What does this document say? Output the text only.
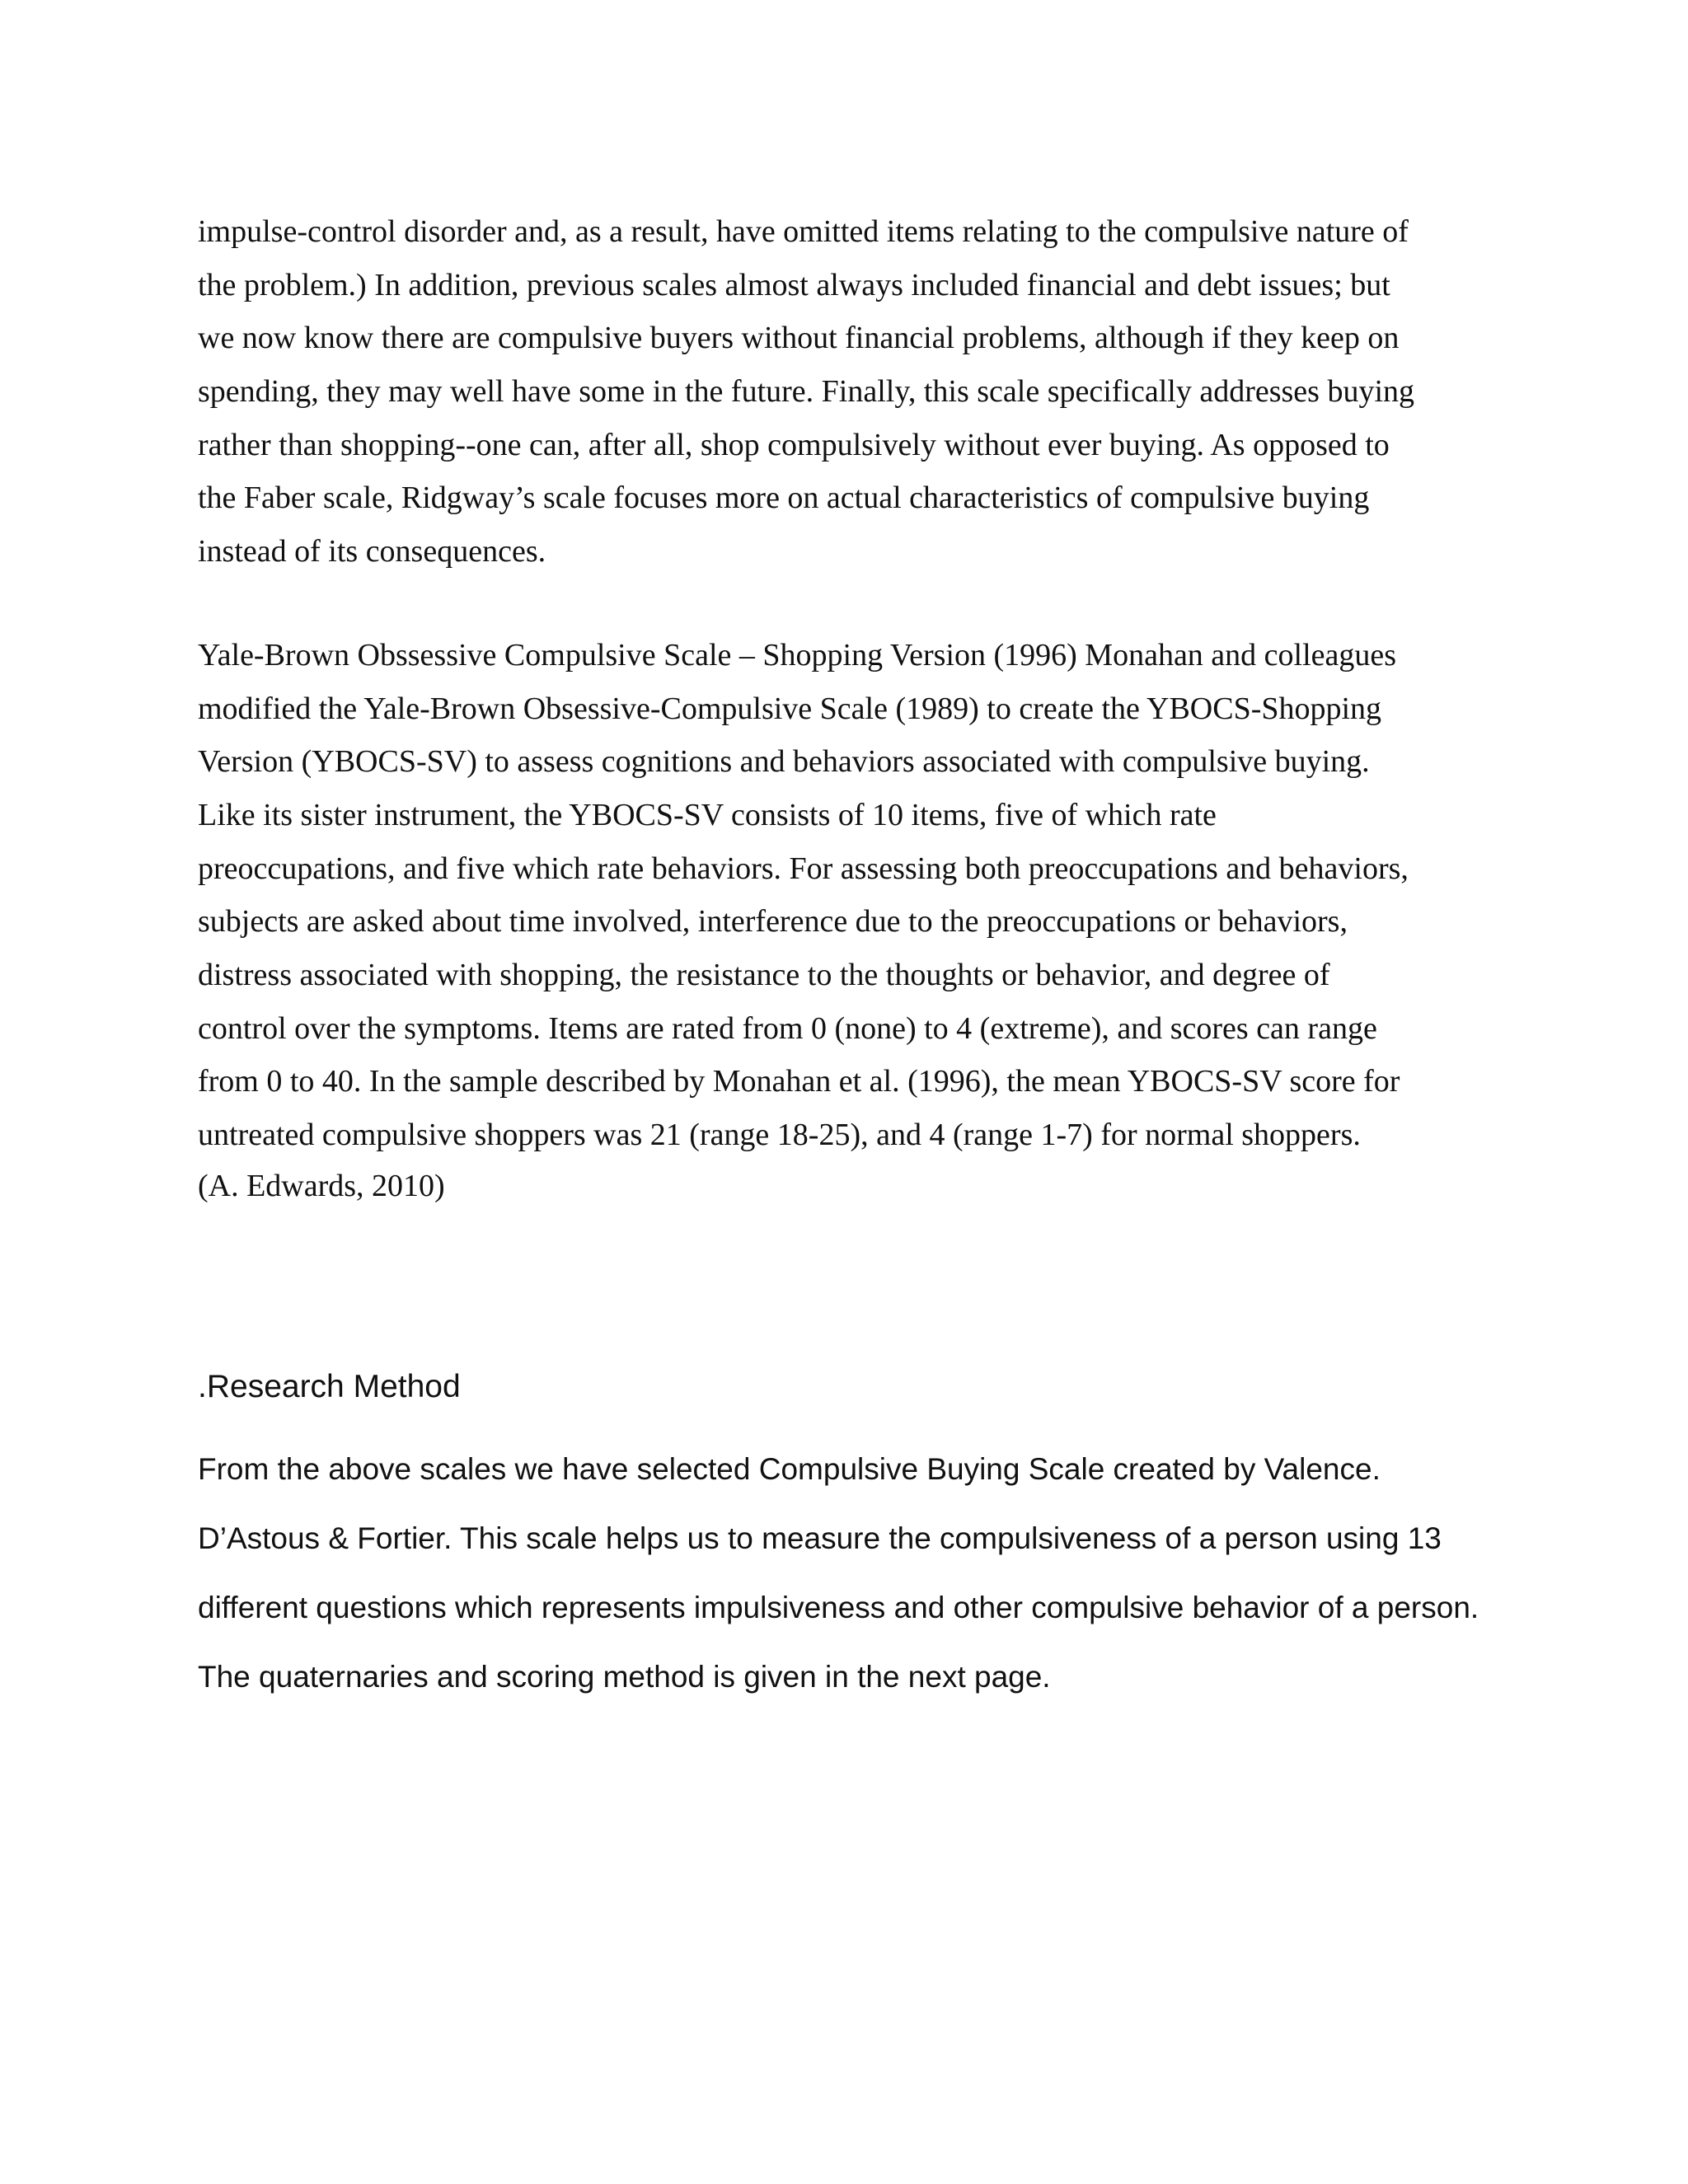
impulse-control disorder and, as a result, have omitted items relating to the compulsive nature of
the problem.) In addition, previous scales almost always included financial and debt issues; but
we now know there are compulsive buyers without financial problems, although if they keep on
spending, they may well have some in the future. Finally, this scale specifically addresses buying
rather than shopping--one can, after all, shop compulsively without ever buying. As opposed to
the Faber scale, Ridgway’s scale focuses more on actual characteristics of compulsive buying
instead of its consequences.
Yale-Brown Obssessive Compulsive Scale – Shopping Version (1996) Monahan and colleagues
modified the Yale-Brown Obsessive-Compulsive Scale (1989) to create the YBOCS-Shopping
Version (YBOCS-SV) to assess cognitions and behaviors associated with compulsive buying.
Like its sister instrument, the YBOCS-SV consists of 10 items, five of which rate
preoccupations, and five which rate behaviors. For assessing both preoccupations and behaviors,
subjects are asked about time involved, interference due to the preoccupations or behaviors,
distress associated with shopping, the resistance to the thoughts or behavior, and degree of
control over the symptoms. Items are rated from 0 (none) to 4 (extreme), and scores can range
from 0 to 40. In the sample described by Monahan et al. (1996), the mean YBOCS-SV score for
untreated compulsive shoppers was 21 (range 18-25), and 4 (range 1-7) for normal shoppers.
(A. Edwards, 2010)
.Research Method
From the above scales we have selected Compulsive Buying Scale created by Valence.
D’Astous & Fortier. This scale helps us to measure the compulsiveness of a person using 13
different questions which represents impulsiveness and other compulsive behavior of a person.
The quaternaries and scoring method is given in the next page.
